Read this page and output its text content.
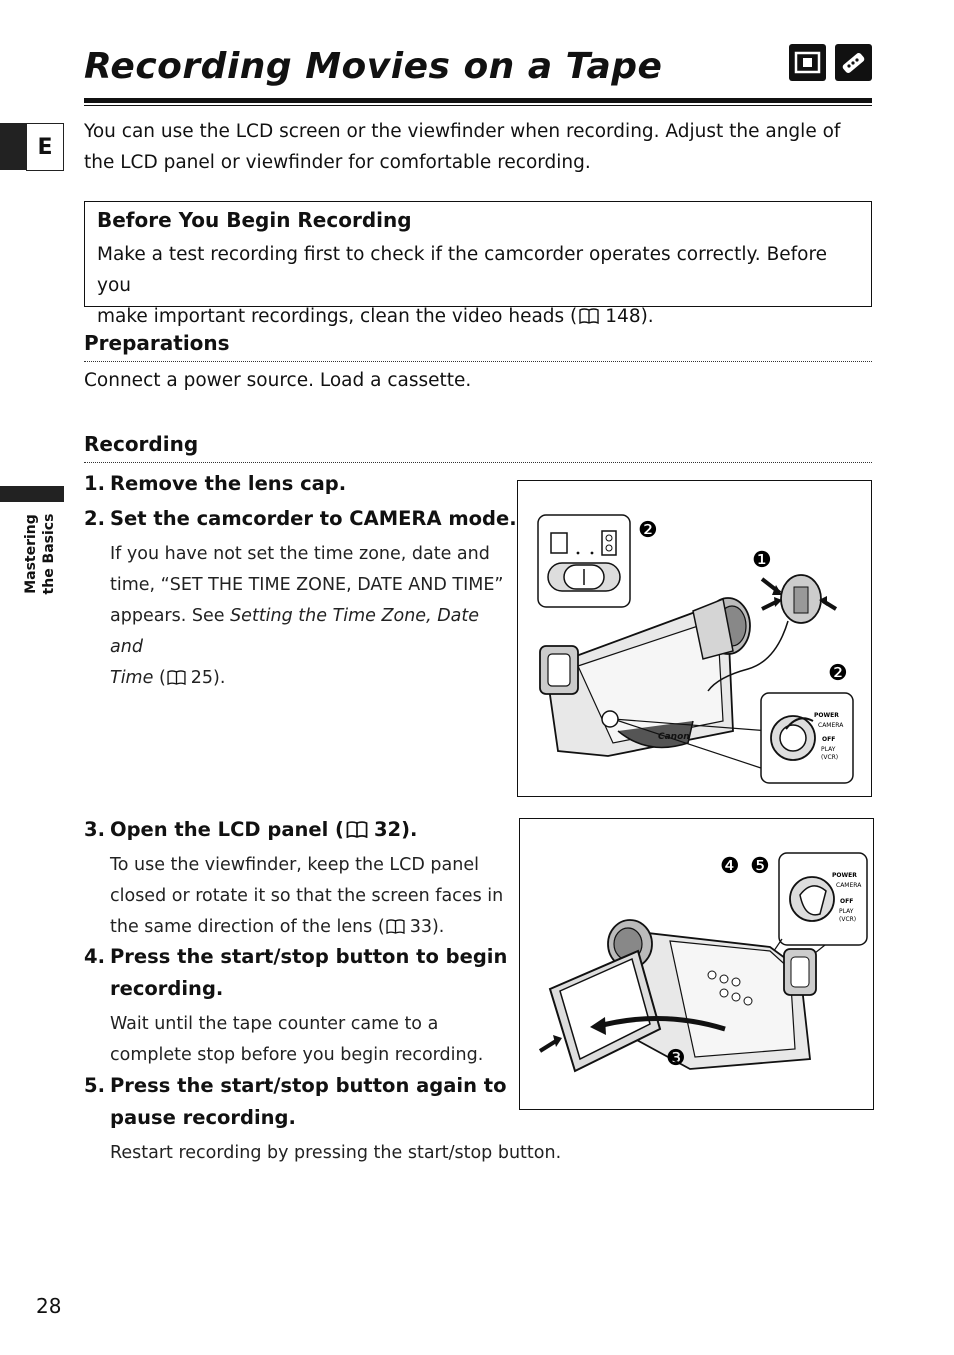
Recording Movies on a Tape
E
Mastering the Basics
You can use the LCD screen or the viewfinder when recording. Adjust the angle of the LCD panel or viewfinder for comfortable recording.
Before You Begin Recording
Make a test recording first to check if the camcorder operates correctly. Before you
make important recordings, clean the video heads ( 148).
Preparations
Connect a power source. Load a cassette.
Recording
1. Remove the lens cap.
2. Set the camcorder to CAMERA mode.
If you have not set the time zone, date and
time, “SET THE TIME ZONE, DATE AND TIME”
appears. See Setting the Time Zone, Date and
Time ( 25).
Canon
POWER
CAMERA
OFF
PLAY
(VCR)
❷
❶
❷
3. Open the LCD panel ( 32).
To use the viewfinder, keep the LCD panel
closed or rotate it so that the screen faces in
the same direction of the lens ( 33).
4. Press the start/stop button to begin
recording.
Wait until the tape counter came to a
complete stop before you begin recording.
5. Press the start/stop button again to
pause recording.
Restart recording by pressing the start/stop button.
POWER
CAMERA
OFF
PLAY
(VCR)
❹ ❺
❸
28
